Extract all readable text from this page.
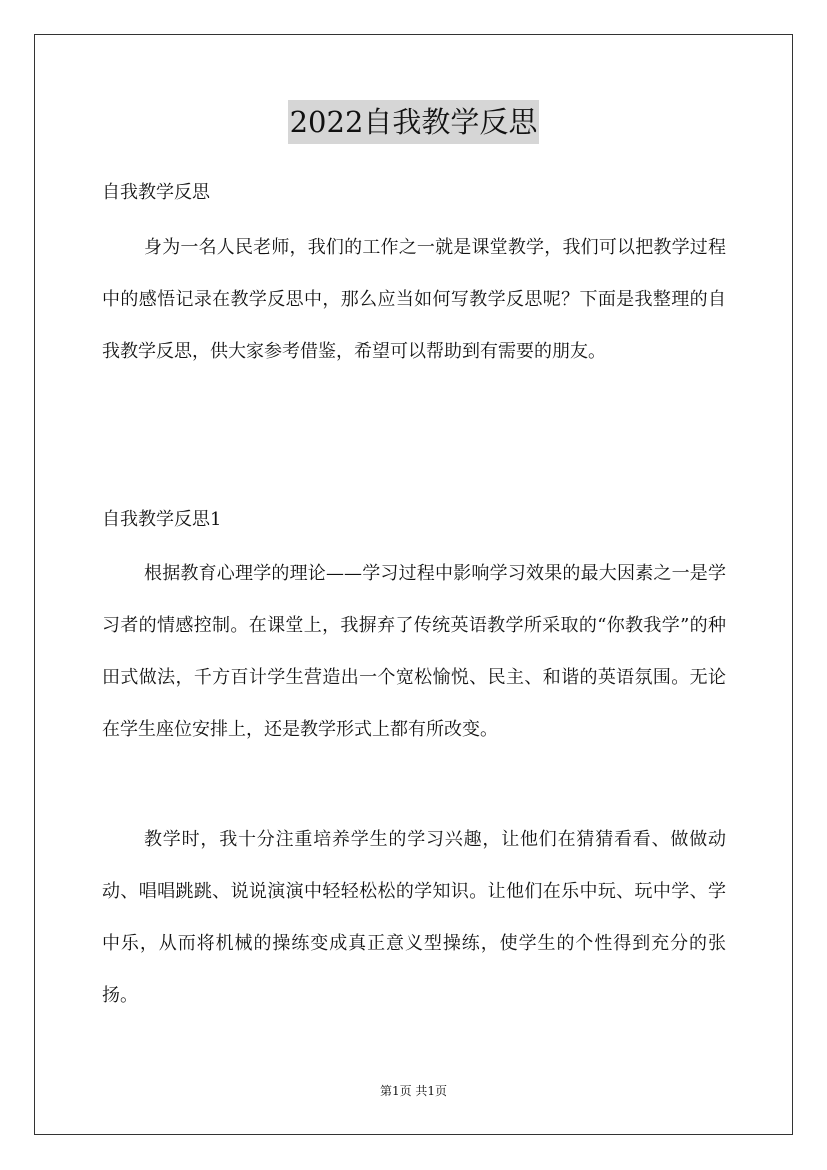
2022自我教学反思
自我教学反思

身为一名人民老师，我们的工作之一就是课堂教学，我们可以把教学过程中的感悟记录在教学反思中，那么应当如何写教学反思呢？下面是我整理的自我教学反思，供大家参考借鉴，希望可以帮助到有需要的朋友。

自我教学反思1

根据教育心理学的理论——学习过程中影响学习效果的最大因素之一是学习者的情感控制。在课堂上，我摒弃了传统英语教学所采取的“你教我学”的种田式做法，千方百计学生营造出一个宽松愉悦、民主、和谐的英语氛围。无论在学生座位安排上，还是教学形式上都有所改变。

教学时，我十分注重培养学生的学习兴趣，让他们在猜猜看看、做做动动、唱唱跳跳、说说演演中轻轻松松的学知识。让他们在乐中玩、玩中学、学中乐，从而将机械的操练变成真正意义型操练，使学生的个性得到充分的张扬。

第1页 共1页
